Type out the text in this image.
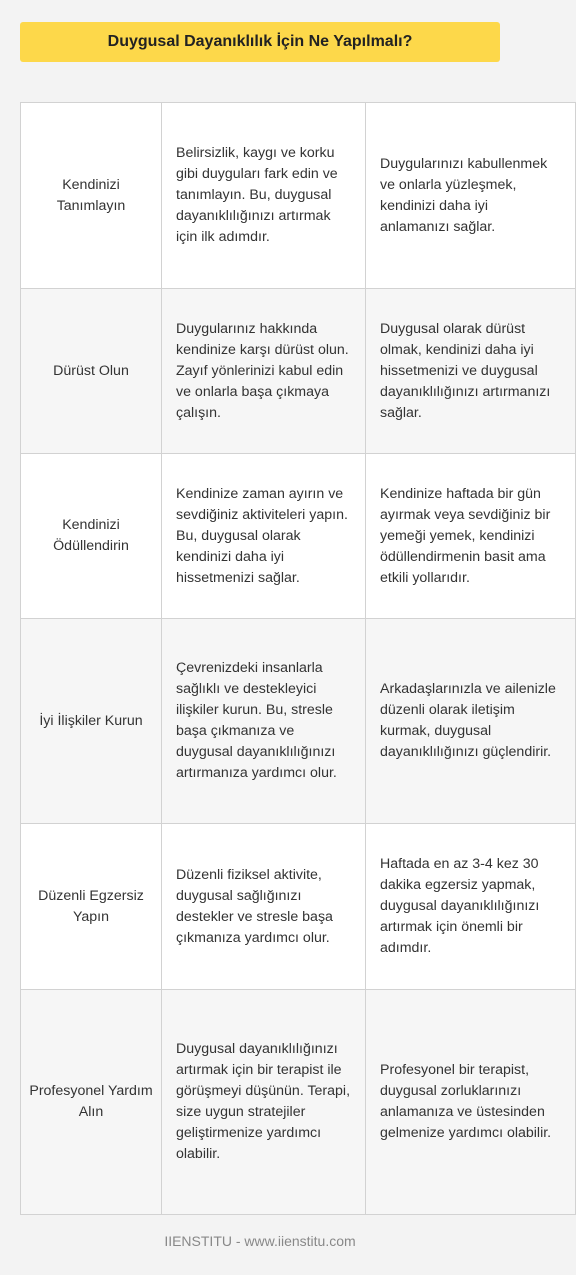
Duygusal Dayanıklılık İçin Ne Yapılmalı?
Kendinizi Tanımlayın	Belirsizlik, kaygı ve korku gibi duyguları fark edin ve tanımlayın. Bu, duygusal dayanıklılığınızı artırmak için ilk adımdır.	Duygularınızı kabullenmek ve onlarla yüzleşmek, kendinizi daha iyi anlamanızı sağlar.
Dürüst Olun	Duygularınız hakkında kendinize karşı dürüst olun. Zayıf yönlerinizi kabul edin ve onlarla başa çıkmaya çalışın.	Duygusal olarak dürüst olmak, kendinizi daha iyi hissetmenizi ve duygusal dayanıklılığınızı artırmanızı sağlar.
Kendinizi Ödüllendirin	Kendinize zaman ayırın ve sevdiğiniz aktiviteleri yapın. Bu, duygusal olarak kendinizi daha iyi hissetmenizi sağlar.	Kendinize haftada bir gün ayırmak veya sevdiğiniz bir yemeği yemek, kendinizi ödüllendirmenin basit ama etkili yollarıdır.
İyi İlişkiler Kurun	Çevrenizdeki insanlarla sağlıklı ve destekleyici ilişkiler kurun. Bu, stresle başa çıkmanıza ve duygusal dayanıklılığınızı artırmanıza yardımcı olur.	Arkadaşlarınızla ve ailenizle düzenli olarak iletişim kurmak, duygusal dayanıklılığınızı güçlendirir.
Düzenli Egzersiz Yapın	Düzenli fiziksel aktivite, duygusal sağlığınızı destekler ve stresle başa çıkmanıza yardımcı olur.	Haftada en az 3-4 kez 30 dakika egzersiz yapmak, duygusal dayanıklılığınızı artırmak için önemli bir adımdır.
Profesyonel Yardım Alın	Duygusal dayanıklılığınızı artırmak için bir terapist ile görüşmeyi düşünün. Terapi, size uygun stratejiler geliştirmenize yardımcı olabilir.	Profesyonel bir terapist, duygusal zorluklarınızı anlamanıza ve üstesinden gelmenize yardımcı olabilir.
IIENSTITU - www.iienstitu.com
